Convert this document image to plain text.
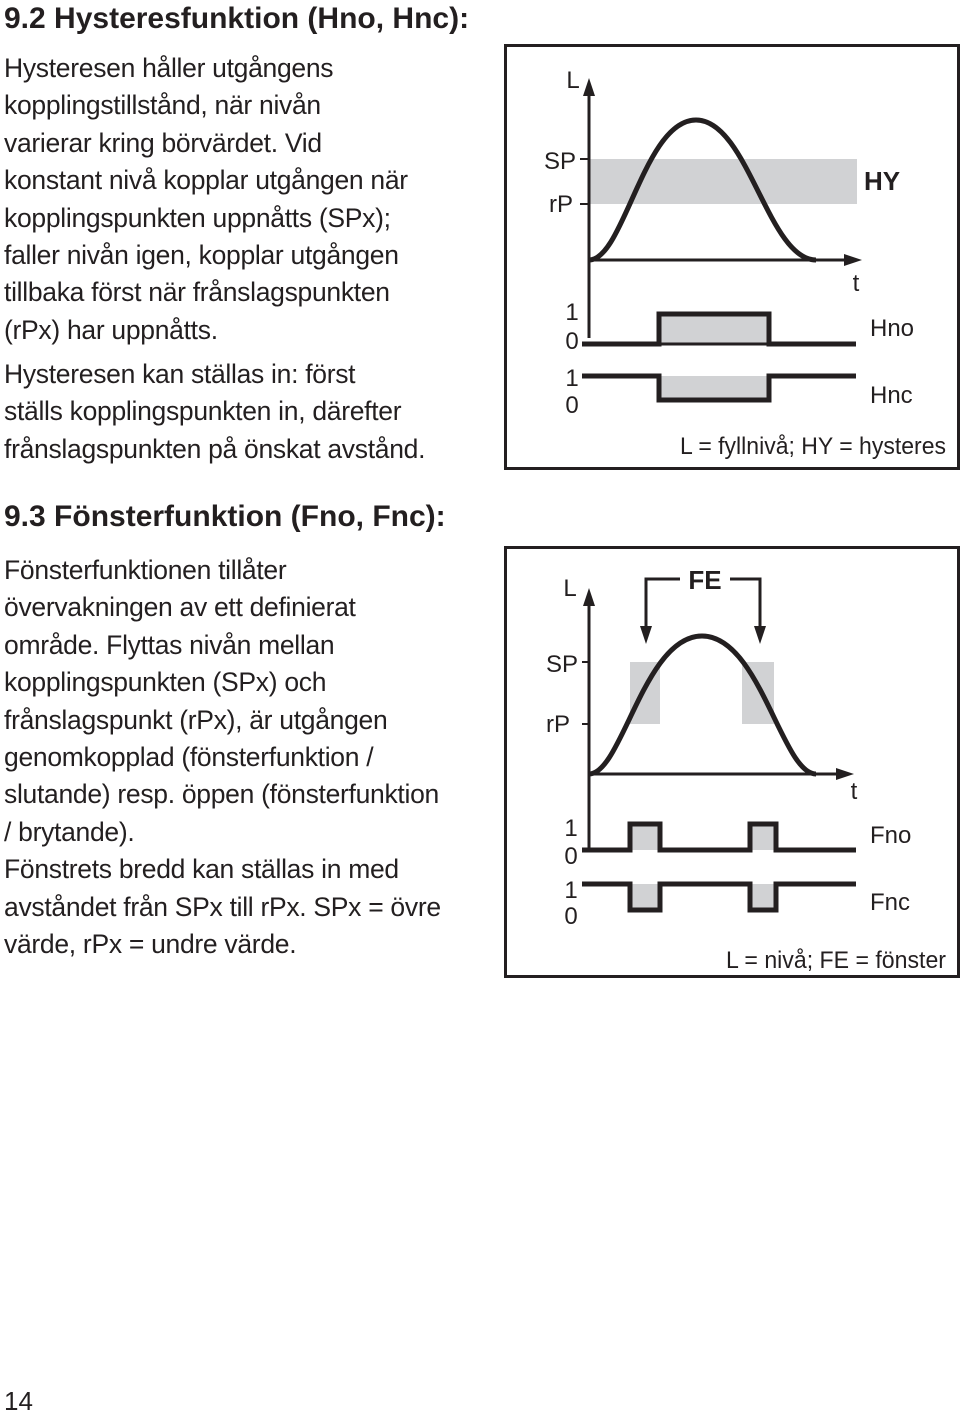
9.2 Hysteresfunktion (Hno, Hnc):

Hysteresen håller utgångens
kopplingstillstånd, när nivån
varierar kring börvärdet. Vid
konstant nivå kopplar utgången när
kopplingspunkten uppnåtts (SPx);
faller nivån igen, kopplar utgången
tillbaka först när frånslagspunkten
(rPx) har uppnåtts.

Hysteresen kan ställas in: först
ställs kopplingspunkten in, därefter
frånslagspunkten på önskat avstånd.

L
SP
rP
HY
t
1
0	Hno
1
0	Hnc
L = fyllnivå; HY = hysteres
9.3 Fönsterfunktion (Fno, Fnc):

Fönsterfunktionen tillåter
övervakningen av ett definierat
område. Flyttas nivån mellan
kopplingspunkten (SPx) och
frånslagspunkt (rPx), är utgången
genomkopplad (fönsterfunktion /
slutande) resp. öppen (fönsterfunktion
/ brytande).
Fönstrets bredd kan ställas in med
avståndet från SPx till rPx. SPx = övre
värde, rPx = undre värde.

L	FE
SP
rP
t
1
0
Fno
1
0
Fnc
L = nivå; FE = fönster
14
